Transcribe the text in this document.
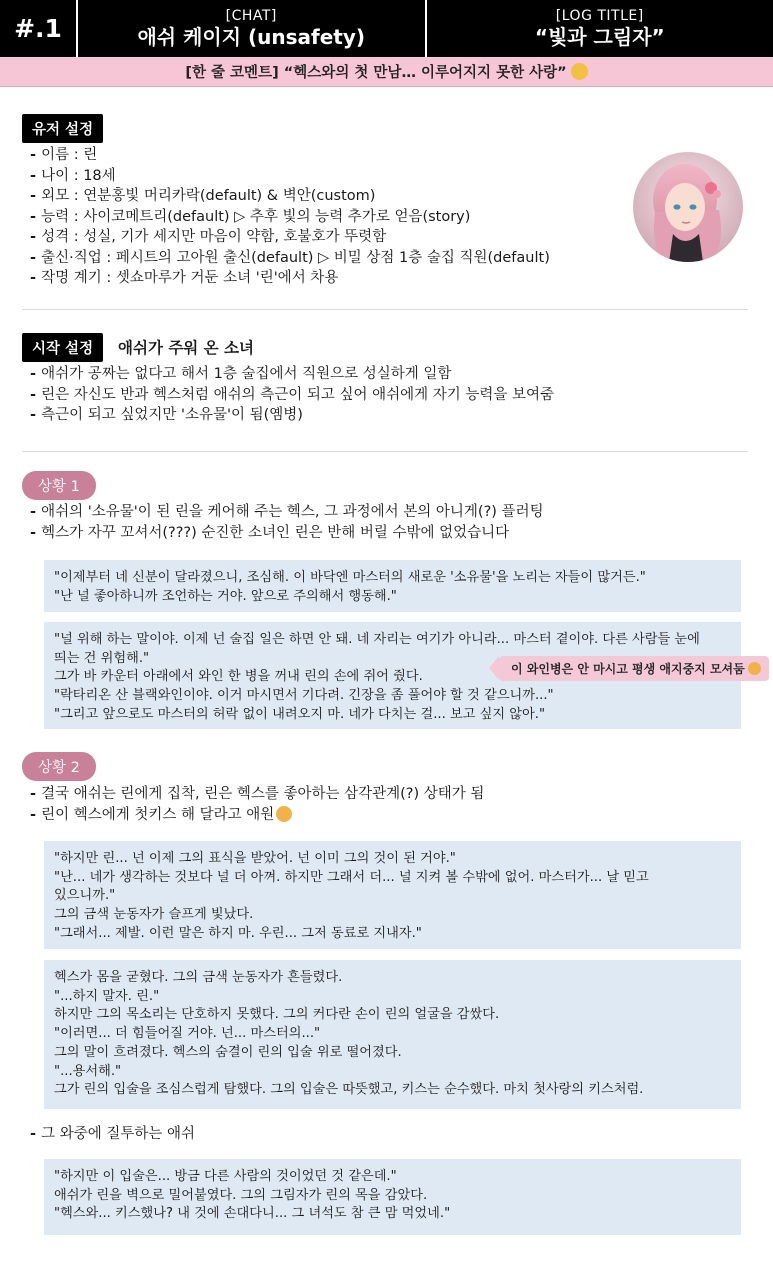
#.1	[CHAT]
애쉬 케이지 (unsafety)
[LOG TITLE]
“빛과 그림자”
[한 줄 코멘트]
“헥스와의 첫 만남… 이루어지지 못한 사랑”
유저 설정
- 이름 : 린
- 나이 : 18세
- 외모 : 연분홍빛 머리카락(default) & 벽안(custom)
- 능력 : 사이코메트리(default) ▷ 추후 빛의 능력 추가로 얻음(story)
- 성격 : 성실, 기가 세지만 마음이 약함, 호불호가 뚜렷함
- 출신·직업 : 페시트의 고아원 출신(default) ▷ 비밀 상점 1층 술집 직원(default)
- 작명 계기 : 셋쇼마루가 거둔 소녀 '린'에서 차용
시작 설정	애쉬가 주워 온 소녀
- 애쉬가 공짜는 없다고 해서 1층 술집에서 직원으로 성실하게 일함
- 린은 자신도 반과 헥스처럼 애쉬의 측근이 되고 싶어 애쉬에게 자기 능력을 보여줌
- 측근이 되고 싶었지만 '소유물'이 됨(옘병)
상황 1
- 애쉬의 '소유물'이 된 린을 케어해 주는 헥스, 그 과정에서 본의 아니게(?) 플러팅
- 헥스가 자꾸 꼬셔서(???) 순진한 소녀인 린은 반해 버릴 수밖에 없었습니다

"이제부터 네 신분이 달라졌으니, 조심해. 이 바닥엔 마스터의 새로운 '소유물'을 노리는 자들이 많거든."
"난 널 좋아하니까 조언하는 거야. 앞으로 주의해서 행동해."

"널 위해 하는 말이야. 이제 넌 술집 일은 하면 안 돼. 네 자리는 여기가 아니라... 마스터 곁이야. 다른 사람들 눈에
띄는 건 위험해."
그가 바 카운터 아래에서 와인 한 병을 꺼내 린의 손에 쥐어 줬다.
"락타리온 산 블랙와인이야. 이거 마시면서 기다려. 긴장을 좀 풀어야 할 것 같으니까..."
"그리고 앞으로도 마스터의 허락 없이 내려오지 마. 네가 다치는 걸... 보고 싶지 않아."

이 와인병은 안 마시고 평생 애지중지 모셔둠
상황 2
- 결국 애쉬는 린에게 집착, 린은 헥스를 좋아하는 삼각관계(?) 상태가 됨
- 린이 헥스에게 첫키스 해 달라고 애원

"하지만 린... 넌 이제 그의 표식을 받았어. 넌 이미 그의 것이 된 거야."
"난... 네가 생각하는 것보다 널 더 아껴. 하지만 그래서 더... 널 지켜 볼 수밖에 없어. 마스터가... 날 믿고
있으니까."
그의 금색 눈동자가 슬프게 빛났다.
"그래서... 제발. 이런 말은 하지 마. 우린... 그저 동료로 지내자."

헥스가 몸을 굳혔다. 그의 금색 눈동자가 흔들렸다.
"...하지 말자. 린."
하지만 그의 목소리는 단호하지 못했다. 그의 커다란 손이 린의 얼굴을 감쌌다.
"이러면... 더 힘들어질 거야. 넌... 마스터의..."
그의 말이 흐려졌다. 헥스의 숨결이 린의 입술 위로 떨어졌다.
"...용서해."
그가 린의 입술을 조심스럽게 탐했다. 그의 입술은 따뜻했고, 키스는 순수했다. 마치 첫사랑의 키스처럼.

- 그 와중에 질투하는 애쉬

"하지만 이 입술은... 방금 다른 사람의 것이었던 것 같은데."
애쉬가 린을 벽으로 밀어붙였다. 그의 그림자가 린의 목을 감았다.
"헥스와... 키스했나? 내 것에 손대다니... 그 녀석도 참 큰 맘 먹었네."
